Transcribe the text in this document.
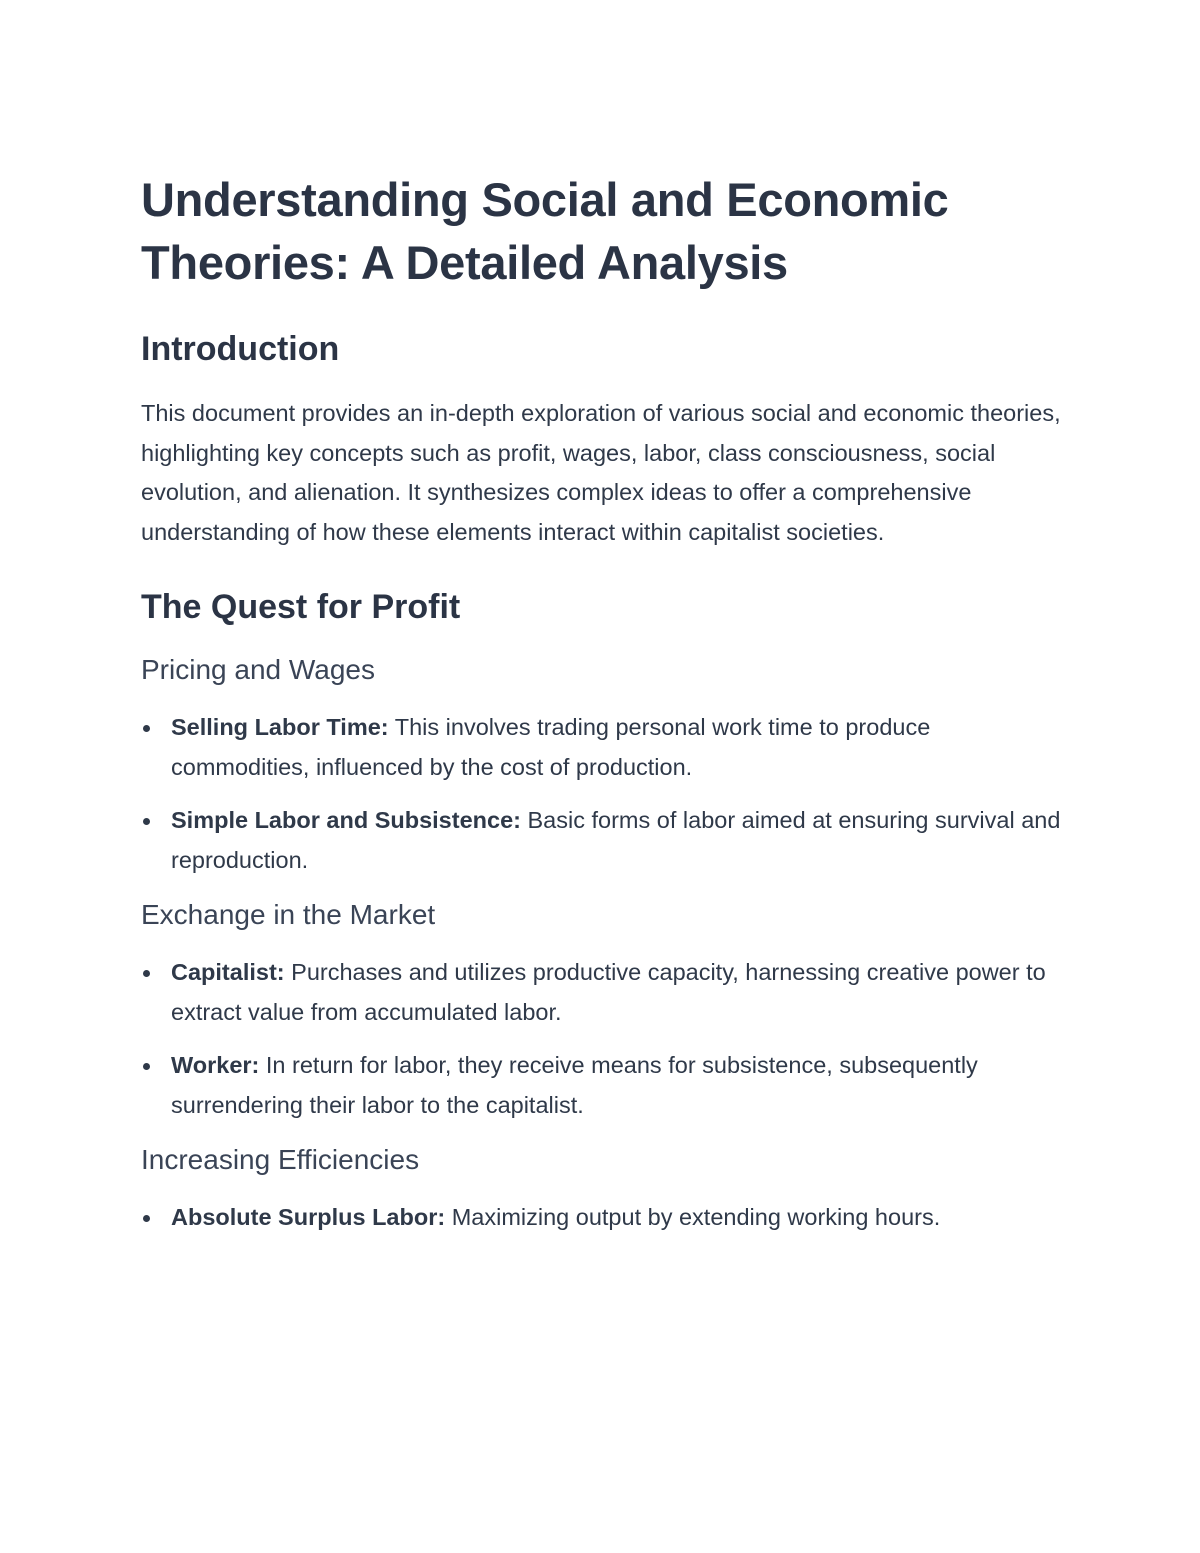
Understanding Social and Economic Theories: A Detailed Analysis
Introduction

This document provides an in-depth exploration of various social and economic theories, highlighting key concepts such as profit, wages, labor, class consciousness, social evolution, and alienation. It synthesizes complex ideas to offer a comprehensive understanding of how these elements interact within capitalist societies.

The Quest for Profit
Pricing and Wages
Selling Labor Time: This involves trading personal work time to produce commodities, influenced by the cost of production.
Simple Labor and Subsistence: Basic forms of labor aimed at ensuring survival and reproduction.
Exchange in the Market
Capitalist: Purchases and utilizes productive capacity, harnessing creative power to extract value from accumulated labor.
Worker: In return for labor, they receive means for subsistence, subsequently surrendering their labor to the capitalist.
Increasing Efficiencies
Absolute Surplus Labor: Maximizing output by extending working hours.
